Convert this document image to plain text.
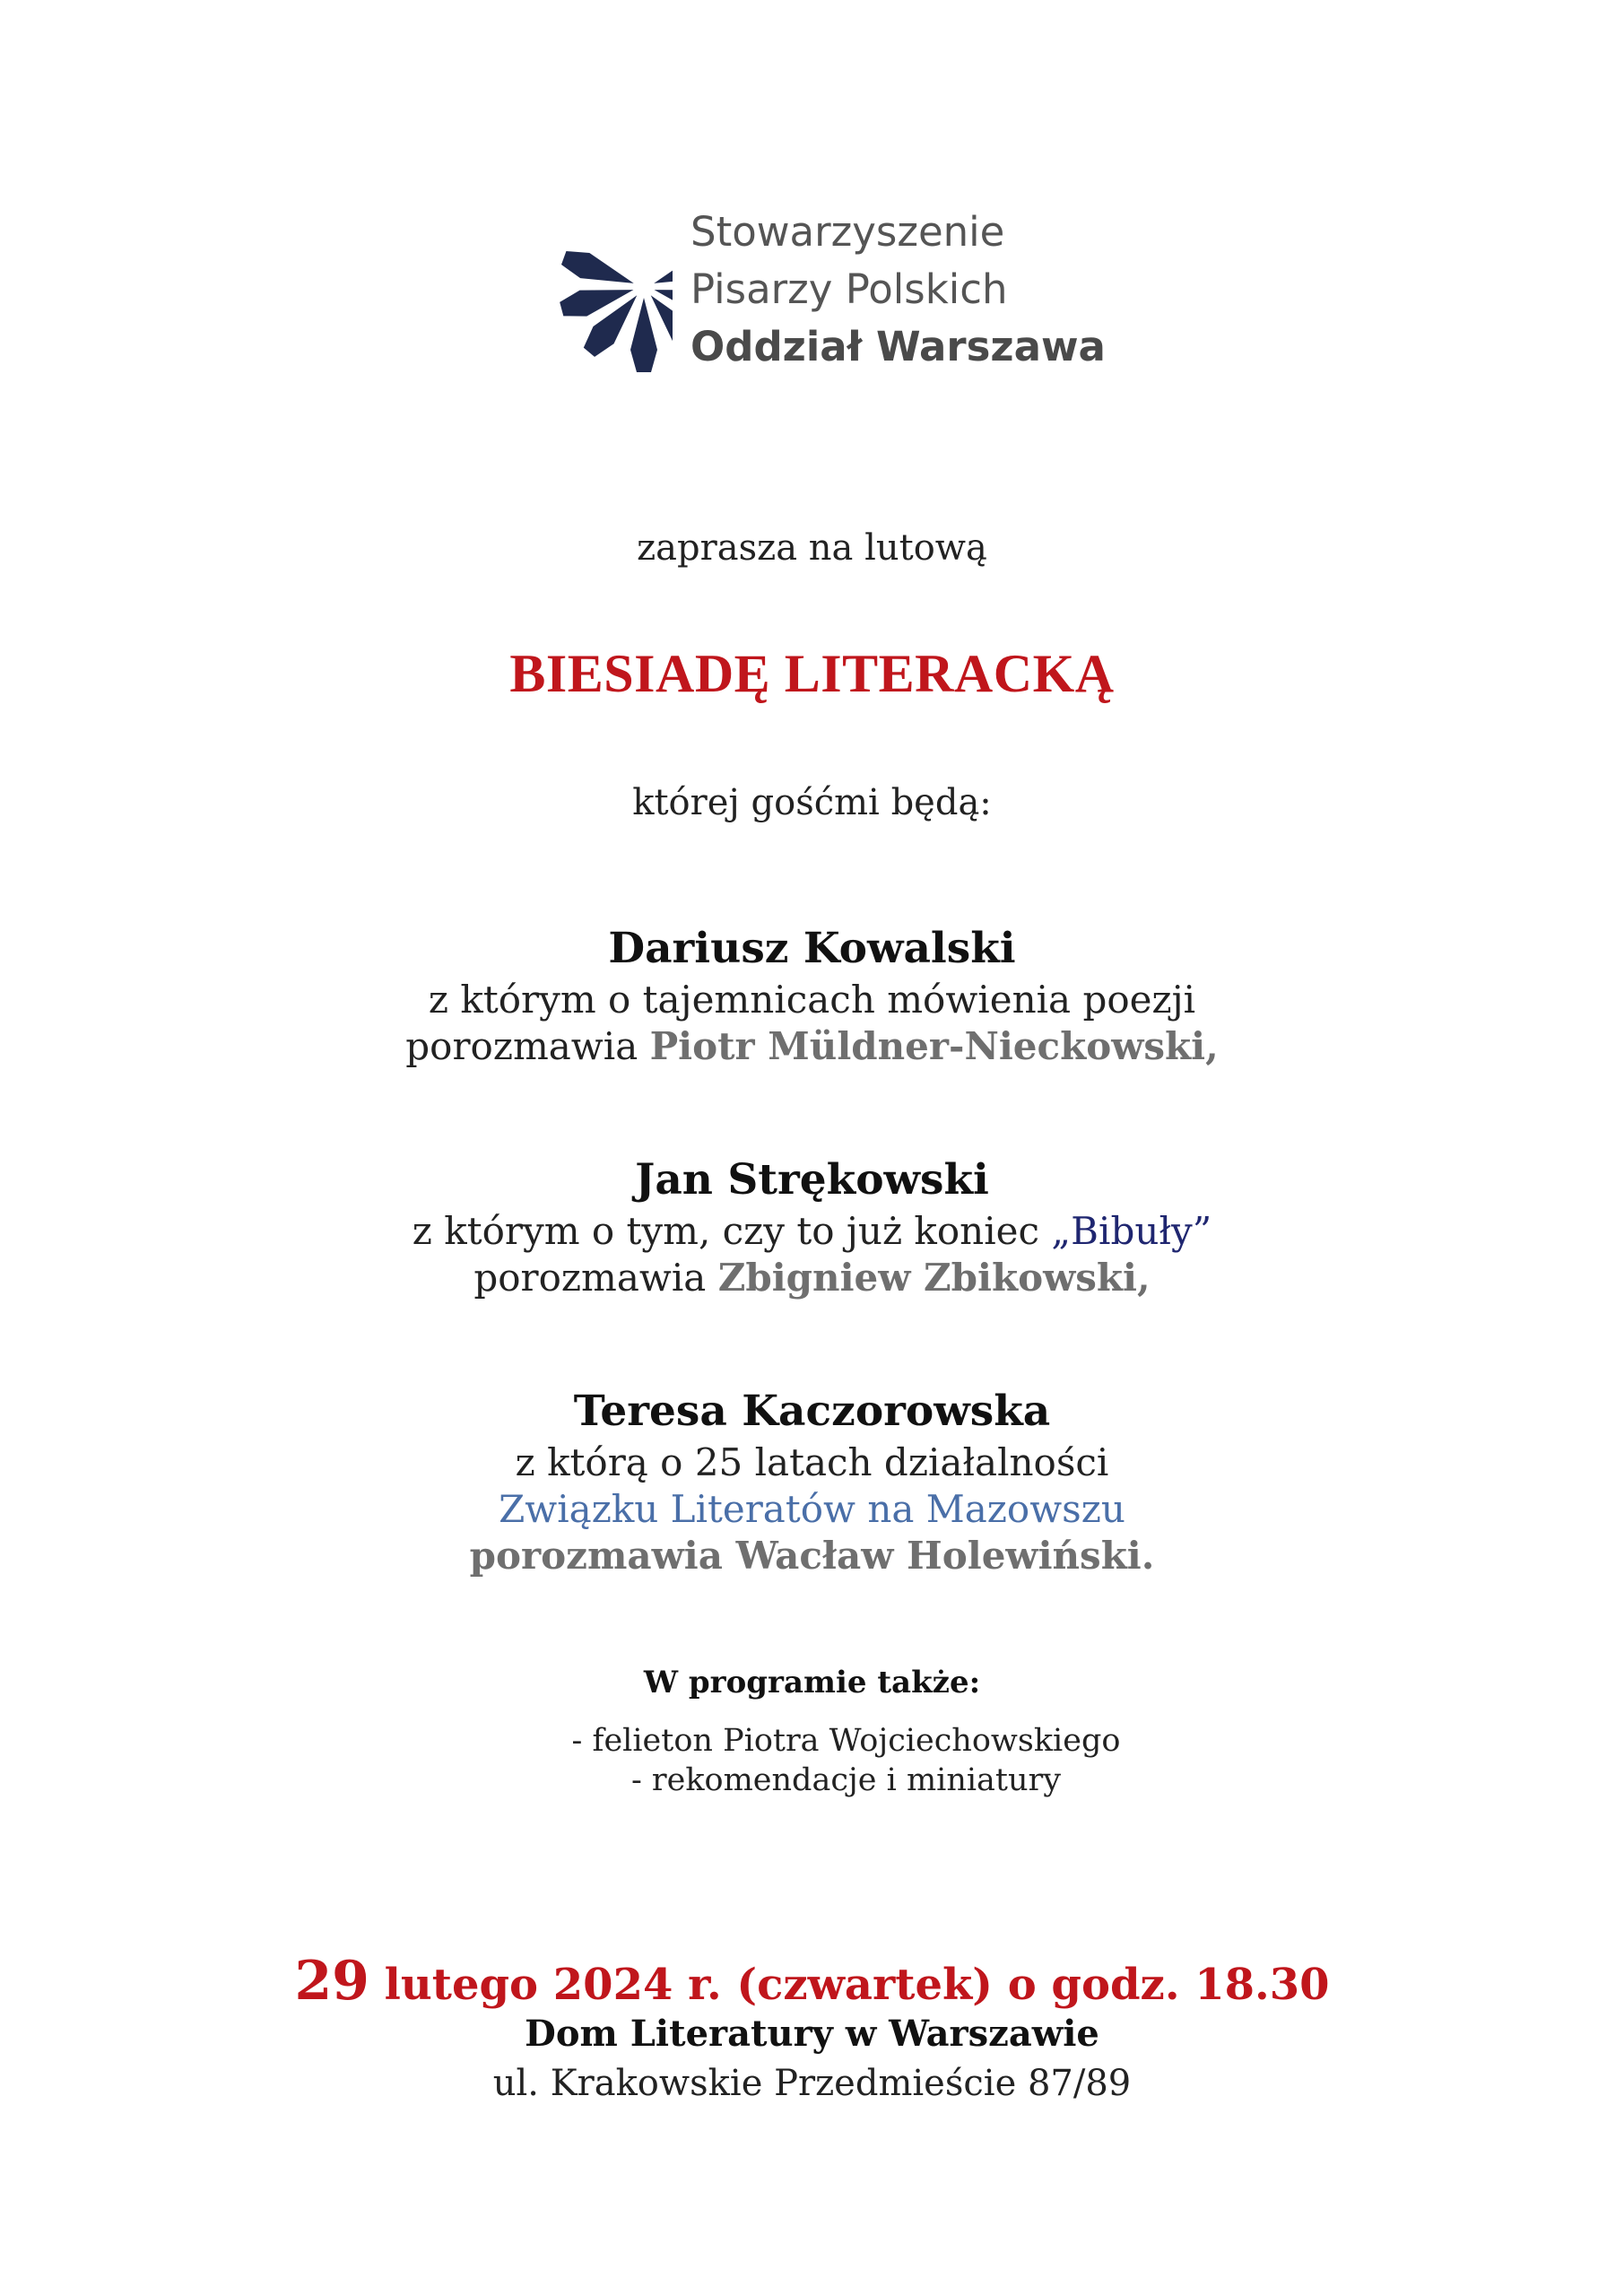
Stowarzyszenie
Pisarzy Polskich
Oddział Warszawa
zaprasza na lutową
BIESIADĘ LITERACKĄ
której gośćmi będą:
Dariusz Kowalski
z którym o tajemnicach mówienia poezji
porozmawia Piotr Müldner-Nieckowski,
Jan Strękowski
z którym o tym, czy to już koniec „Bibuły”
porozmawia Zbigniew Zbikowski,
Teresa Kaczorowska
z którą o 25 latach działalności
Związku Literatów na Mazowszu
porozmawia Wacław Holewiński.
W programie także:
- felieton Piotra Wojciechowskiego
- rekomendacje i miniatury
29 lutego 2024 r. (czwartek) o godz. 18.30
Dom Literatury w Warszawie
ul. Krakowskie Przedmieście 87/89
